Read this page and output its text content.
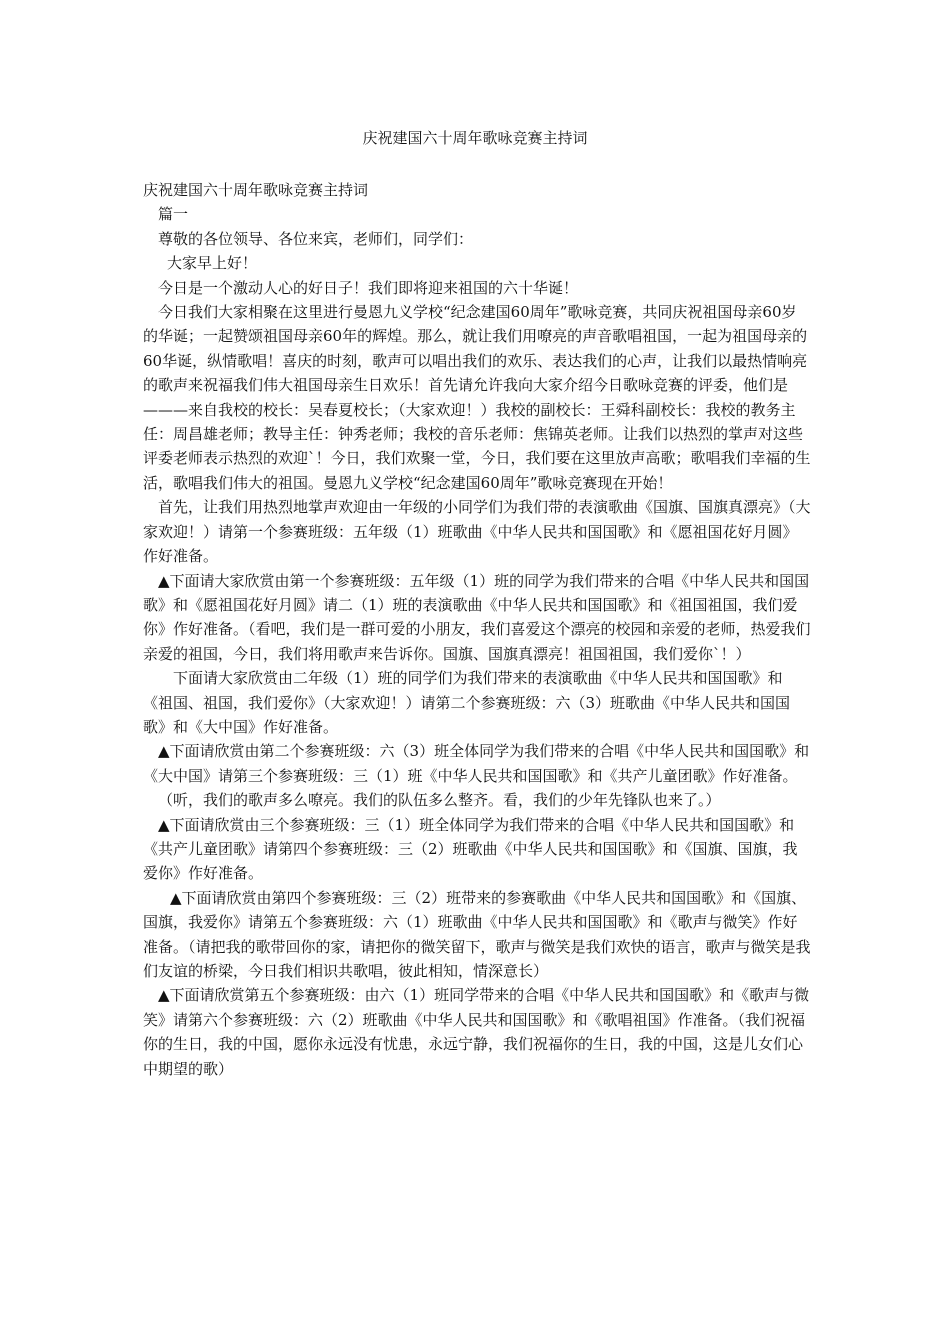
庆祝建国六十周年歌咏竞赛主持词

庆祝建国六十周年歌咏竞赛主持词

篇一

尊敬的各位领导、各位来宾，老师们，同学们：

大家早上好！

今日是一个激动人心的好日子！我们即将迎来祖国的六十华诞！

今日我们大家相聚在这里进行曼恩九义学校“纪念建国60周年”歌咏竞赛，共同庆祝祖国母亲60岁的华诞；一起赞颂祖国母亲60年的辉煌。那么，就让我们用嘹亮的声音歌唱祖国，一起为祖国母亲的60华诞，纵情歌唱！喜庆的时刻，歌声可以唱出我们的欢乐、表达我们的心声，让我们以最热情响亮的歌声来祝福我们伟大祖国母亲生日欢乐！首先请允许我向大家介绍今日歌咏竞赛的评委，他们是———来自我校的校长：吴春夏校长；（大家欢迎！）我校的副校长：王舜科副校长：我校的教务主任：周昌雄老师；教导主任：钟秀老师；我校的音乐老师：焦锦英老师。让我们以热烈的掌声对这些评委老师表示热烈的欢迎`！今日，我们欢聚一堂，今日，我们要在这里放声高歌；歌唱我们幸福的生活，歌唱我们伟大的祖国。曼恩九义学校“纪念建国60周年”歌咏竞赛现在开始！

首先，让我们用热烈地掌声欢迎由一年级的小同学们为我们带的表演歌曲《国旗、国旗真漂亮》（大家欢迎！）请第一个参赛班级：五年级（1）班歌曲《中华人民共和国国歌》和《愿祖国花好月圆》作好准备。

▲下面请大家欣赏由第一个参赛班级：五年级（1）班的同学为我们带来的合唱《中华人民共和国国歌》和《愿祖国花好月圆》请二（1）班的表演歌曲《中华人民共和国国歌》和《祖国祖国，我们爱你》作好准备。（看吧，我们是一群可爱的小朋友，我们喜爱这个漂亮的校园和亲爱的老师，热爱我们亲爱的祖国，今日，我们将用歌声来告诉你。国旗、国旗真漂亮！祖国祖国，我们爱你`！）

下面请大家欣赏由二年级（1）班的同学们为我们带来的表演歌曲《中华人民共和国国歌》和《祖国、祖国，我们爱你》（大家欢迎！）请第二个参赛班级：六（3）班歌曲《中华人民共和国国歌》和《大中国》作好准备。

▲下面请欣赏由第二个参赛班级：六（3）班全体同学为我们带来的合唱《中华人民共和国国歌》和《大中国》请第三个参赛班级：三（1）班《中华人民共和国国歌》和《共产儿童团歌》作好准备。

（听，我们的歌声多么嘹亮。我们的队伍多么整齐。看，我们的少年先锋队也来了。）

▲下面请欣赏由三个参赛班级：三（1）班全体同学为我们带来的合唱《中华人民共和国国歌》和《共产儿童团歌》请第四个参赛班级：三（2）班歌曲《中华人民共和国国歌》和《国旗、国旗，我爱你》作好准备。

▲下面请欣赏由第四个参赛班级：三（2）班带来的参赛歌曲《中华人民共和国国歌》和《国旗、国旗，我爱你》请第五个参赛班级：六（1）班歌曲《中华人民共和国国歌》和《歌声与微笑》作好准备。（请把我的歌带回你的家，请把你的微笑留下，歌声与微笑是我们欢快的语言，歌声与微笑是我们友谊的桥梁，今日我们相识共歌唱，彼此相知，情深意长）

▲下面请欣赏第五个参赛班级：由六（1）班同学带来的合唱《中华人民共和国国歌》和《歌声与微笑》请第六个参赛班级：六（2）班歌曲《中华人民共和国国歌》和《歌唱祖国》作准备。（我们祝福你的生日，我的中国，愿你永远没有忧患，永远宁静，我们祝福你的生日，我的中国，这是儿女们心中期望的歌）
